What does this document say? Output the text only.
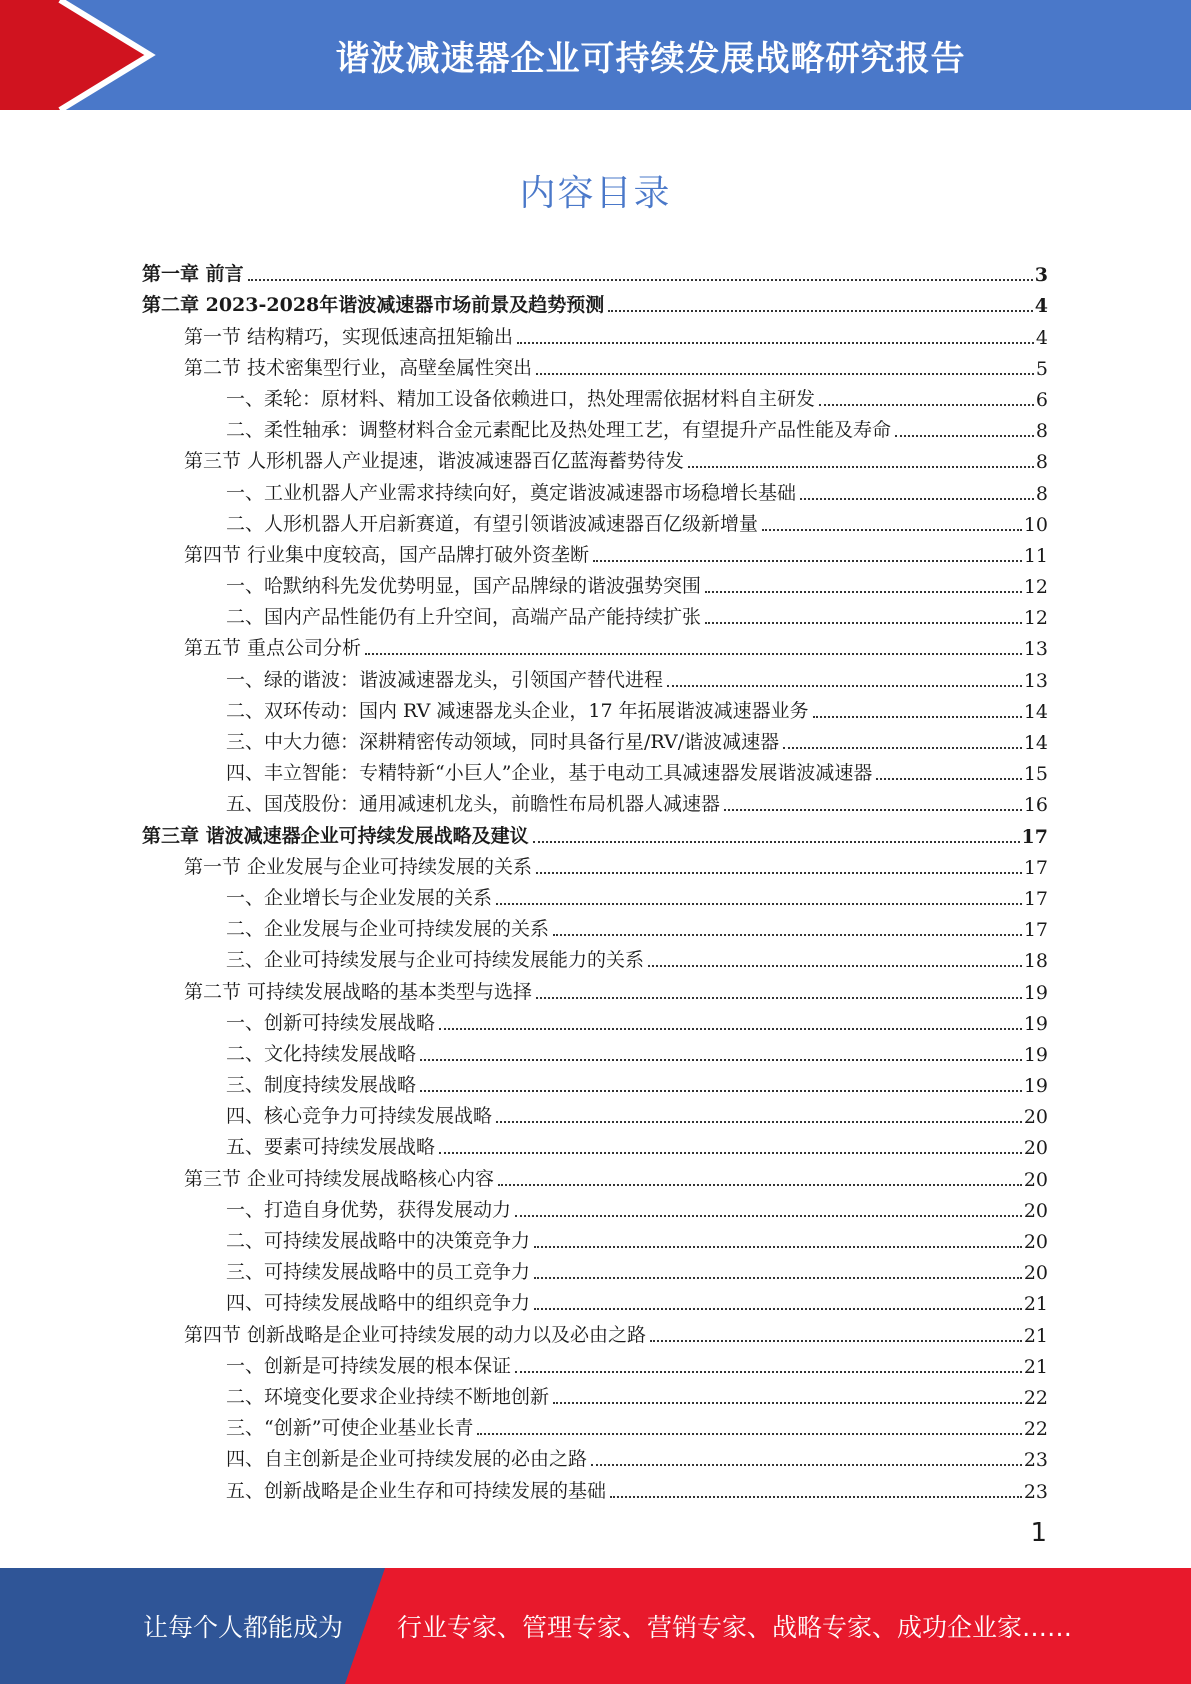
谐波减速器企业可持续发展战略研究报告
内容目录
第一章 前言	3
第二章 2023-2028年谐波减速器市场前景及趋势预测	4
第一节 结构精巧，实现低速高扭矩输出	4
第二节 技术密集型行业，高壁垒属性突出	5
一、柔轮：原材料、精加工设备依赖进口，热处理需依据材料自主研发	6
二、柔性轴承：调整材料合金元素配比及热处理工艺，有望提升产品性能及寿命	8
第三节 人形机器人产业提速，谐波减速器百亿蓝海蓄势待发	8
一、工业机器人产业需求持续向好，奠定谐波减速器市场稳增长基础	8
二、人形机器人开启新赛道，有望引领谐波减速器百亿级新增量	10
第四节 行业集中度较高，国产品牌打破外资垄断	11
一、哈默纳科先发优势明显，国产品牌绿的谐波强势突围	12
二、国内产品性能仍有上升空间，高端产品产能持续扩张	12
第五节 重点公司分析	13
一、绿的谐波：谐波减速器龙头，引领国产替代进程	13
二、双环传动：国内 RV 减速器龙头企业，17 年拓展谐波减速器业务	14
三、中大力德：深耕精密传动领域，同时具备行星/RV/谐波减速器	14
四、丰立智能：专精特新“小巨人”企业，基于电动工具减速器发展谐波减速器	15
五、国茂股份：通用减速机龙头，前瞻性布局机器人减速器	16
第三章 谐波减速器企业可持续发展战略及建议	17
第一节 企业发展与企业可持续发展的关系	17
一、企业增长与企业发展的关系	17
二、企业发展与企业可持续发展的关系	17
三、企业可持续发展与企业可持续发展能力的关系	18
第二节 可持续发展战略的基本类型与选择	19
一、创新可持续发展战略	19
二、文化持续发展战略	19
三、制度持续发展战略	19
四、核心竞争力可持续发展战略	20
五、要素可持续发展战略	20
第三节 企业可持续发展战略核心内容	20
一、打造自身优势，获得发展动力	20
二、可持续发展战略中的决策竞争力	20
三、可持续发展战略中的员工竞争力	20
四、可持续发展战略中的组织竞争力	21
第四节 创新战略是企业可持续发展的动力以及必由之路	21
一、创新是可持续发展的根本保证	21
二、环境变化要求企业持续不断地创新	22
三、“创新”可使企业基业长青	22
四、自主创新是企业可持续发展的必由之路	23
五、创新战略是企业生存和可持续发展的基础	23
1
让每个人都能成为 行业专家、管理专家、营销专家、战略专家、成功企业家……
